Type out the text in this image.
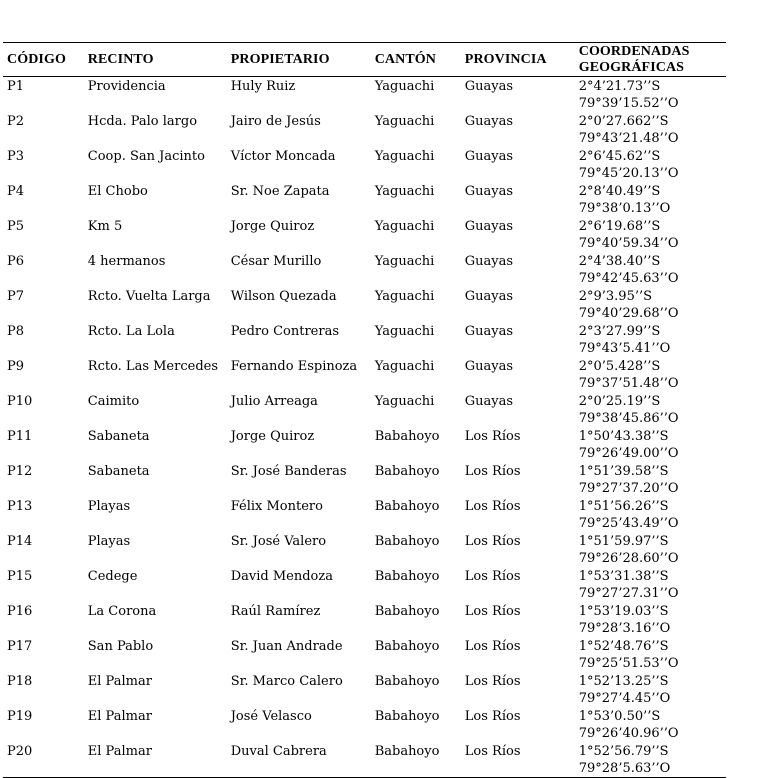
CÓDIGO	RECINTO	PROPIETARIO	CANTÓN	PROVINCIA	COORDENADAS
GEOGRÁFICAS
P1	Providencia	Huly Ruiz	Yaguachi	Guayas	2°4’21.73’’S
79°39’15.52’’O

P2	Hcda. Palo largo	Jairo de Jesús	Yaguachi	Guayas	2°0’27.662’’S
79°43’21.48’’O

P3	Coop. San Jacinto	Víctor Moncada	Yaguachi	Guayas	2°6’45.62’’S
79°45’20.13’’O

P4	El Chobo	Sr. Noe Zapata	Yaguachi	Guayas	2°8’40.49’’S
79°38’0.13’’O

P5	Km 5	Jorge Quiroz	Yaguachi	Guayas	2°6’19.68’’S
79°40’59.34’’O

P6	4 hermanos	César Murillo	Yaguachi	Guayas	2°4’38.40’’S
79°42’45.63’’O

P7	Rcto. Vuelta Larga	Wilson Quezada	Yaguachi	Guayas	2°9’3.95’’S
79°40’29.68’’O

P8	Rcto. La Lola	Pedro Contreras	Yaguachi	Guayas	2°3’27.99’’S
79°43’5.41’’O

P9	Rcto. Las Mercedes	Fernando Espinoza	Yaguachi	Guayas	2°0’5.428’’S
79°37’51.48’’O

P10	Caimito	Julio Arreaga	Yaguachi	Guayas	2°0’25.19’’S
79°38’45.86’’O

P11	Sabaneta	Jorge Quiroz	Babahoyo	Los Ríos	1°50’43.38’’S
79°26’49.00’’O

P12	Sabaneta	Sr. José Banderas	Babahoyo	Los Ríos	1°51’39.58’’S
79°27’37.20’’O

P13	Playas	Félix Montero	Babahoyo	Los Ríos	1°51’56.26’’S
79°25’43.49’’O

P14	Playas	Sr. José Valero	Babahoyo	Los Ríos	1°51’59.97’’S
79°26’28.60’’O

P15	Cedege	David Mendoza	Babahoyo	Los Ríos	1°53’31.38’’S
79°27’27.31’’O

P16	La Corona	Raúl Ramírez	Babahoyo	Los Ríos	1°53’19.03’’S
79°28’3.16’’O

P17	San Pablo	Sr. Juan Andrade	Babahoyo	Los Ríos	1°52’48.76’’S
79°25’51.53’’O

P18	El Palmar	Sr. Marco Calero	Babahoyo	Los Ríos	1°52’13.25’’S
79°27’4.45’’O

P19	El Palmar	José Velasco	Babahoyo	Los Ríos	1°53’0.50’’S
79°26’40.96’’O

P20	El Palmar	Duval Cabrera	Babahoyo	Los Ríos	1°52’56.79’’S
79°28’5.63’’O
